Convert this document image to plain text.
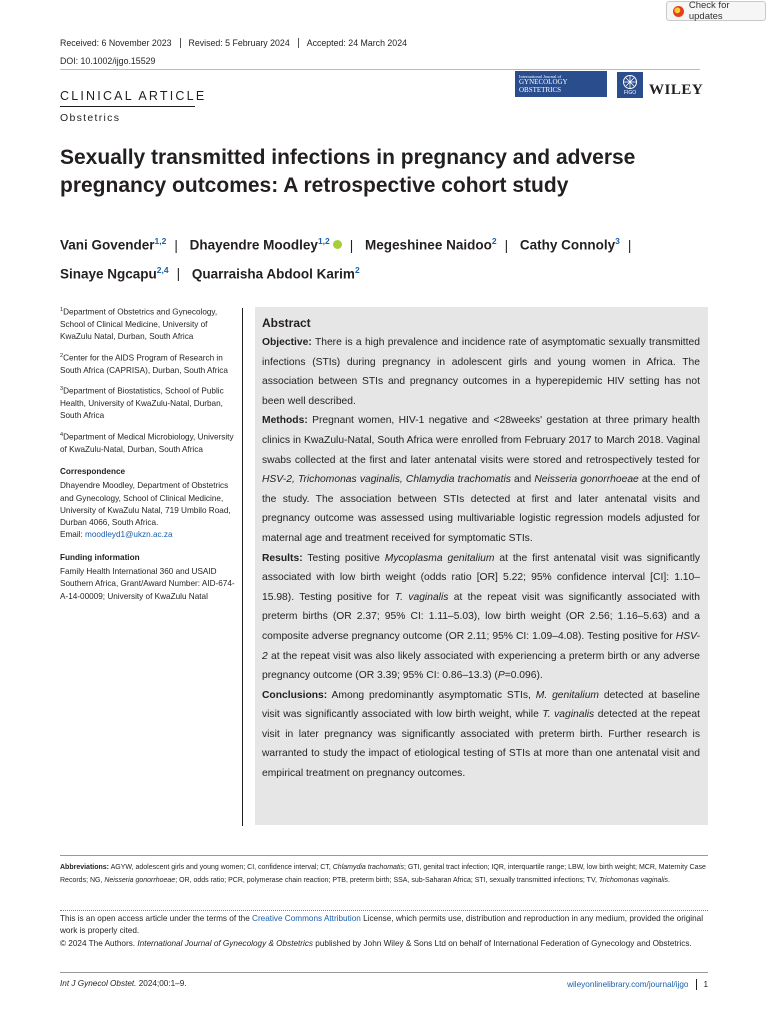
Check for updates
Received: 6 November 2023 Revised: 5 February 2024 Accepted: 24 March 2024
DOI: 10.1002/ijgo.15529
CLINICAL ARTICLE
Obstetrics
International Journal of
GYNECOLOGY
OBSTETRICS	FIGO WILEY
Sexually transmitted infections in pregnancy and adverse pregnancy outcomes: A retrospective cohort study
Vani Govender$^{1,2}$ | Dhayendre Moodley$^{1,2}$ | Megeshinee Naidoo$^2$ | Cathy Connoly$^3$ |
Sinaye Ngcapu$^{2,4}$ | Quarraisha Abdool Karim$^2$

$^1$Department of Obstetrics and Gynecology, School of Clinical Medicine, University of KwaZulu Natal, Durban, South Africa

$^2$Center for the AIDS Program of Research in South Africa (CAPRISA), Durban, South Africa

$^3$Department of Biostatistics, School of Public Health, University of KwaZulu-Natal, Durban, South Africa

$^4$Department of Medical Microbiology, University of KwaZulu-Natal, Durban, South Africa

Correspondence

Dhayendre Moodley, Department of Obstetrics and Gynecology, School of Clinical Medicine, University of KwaZulu Natal, 719 Umbilo Road, Durban 4066, South Africa.
Email: moodleyd1@ukzn.ac.za

Funding information

Family Health International 360 and USAID Southern Africa, Grant/Award Number: AID-674-A-14-00009; University of KwaZulu Natal

Abstract
Objective: There is a high prevalence and incidence rate of asymptomatic sexually transmitted infections (STIs) during pregnancy in adolescent girls and young women in Africa. The association between STIs and pregnancy outcomes in a hyperepidemic HIV setting has not been well described.
Methods: Pregnant women, HIV-1 negative and <28weeks' gestation at three primary health clinics in KwaZulu-Natal, South Africa were enrolled from February 2017 to March 2018. Vaginal swabs collected at the first and later antenatal visits were stored and retrospectively tested for HSV-2, Trichomonas vaginalis, Chlamydia trachomatis and Neisseria gonorrhoeae at the end of the study. The association between STIs detected at first and later antenatal visits and pregnancy outcome was assessed using multivariable logistic regression models adjusted for maternal age and treatment received for symptomatic STIs.
Results: Testing positive Mycoplasma genitalium at the first antenatal visit was significantly associated with low birth weight (odds ratio [OR] 5.22; 95% confidence interval [CI]: 1.10–15.98). Testing positive for T. vaginalis at the repeat visit was significantly associated with preterm births (OR 2.37; 95% CI: 1.11–5.03), low birth weight (OR 2.56; 1.16–5.63) and a composite adverse pregnancy outcome (OR 2.11; 95% CI: 1.09–4.08). Testing positive for HSV-2 at the repeat visit was also likely associated with experiencing a preterm birth or any adverse pregnancy outcome (OR 3.39; 95% CI: 0.86–13.3) (P=0.096).
Conclusions: Among predominantly asymptomatic STIs, M. genitalium detected at baseline visit was significantly associated with low birth weight, while T. vaginalis detected at the repeat visit in later pregnancy was significantly associated with preterm birth. Further research is warranted to study the impact of etiological testing of STIs at more than one antenatal visit and empirical treatment on pregnancy outcomes.
Abbreviations: AGYW, adolescent girls and young women; CI, confidence interval; CT, Chlamydia trachomatis; GTI, genital tract infection; IQR, interquartile range; LBW, low birth weight; MCR, Maternity Case Records; NG, Neisseria gonorrhoeae; OR, odds ratio; PCR, polymerase chain reaction; PTB, preterm birth; SSA, sub-Saharan Africa; STI, sexually transmitted infections; TV, Trichomonas vaginalis.
This is an open access article under the terms of the Creative Commons Attribution License, which permits use, distribution and reproduction in any medium, provided the original work is properly cited.
© 2024 The Authors. International Journal of Gynecology & Obstetrics published by John Wiley & Sons Ltd on behalf of International Federation of Gynecology and Obstetrics.
Int J Gynecol Obstet. 2024;00:1–9.	wileyonlinelibrary.com/journal/ijgo 1
